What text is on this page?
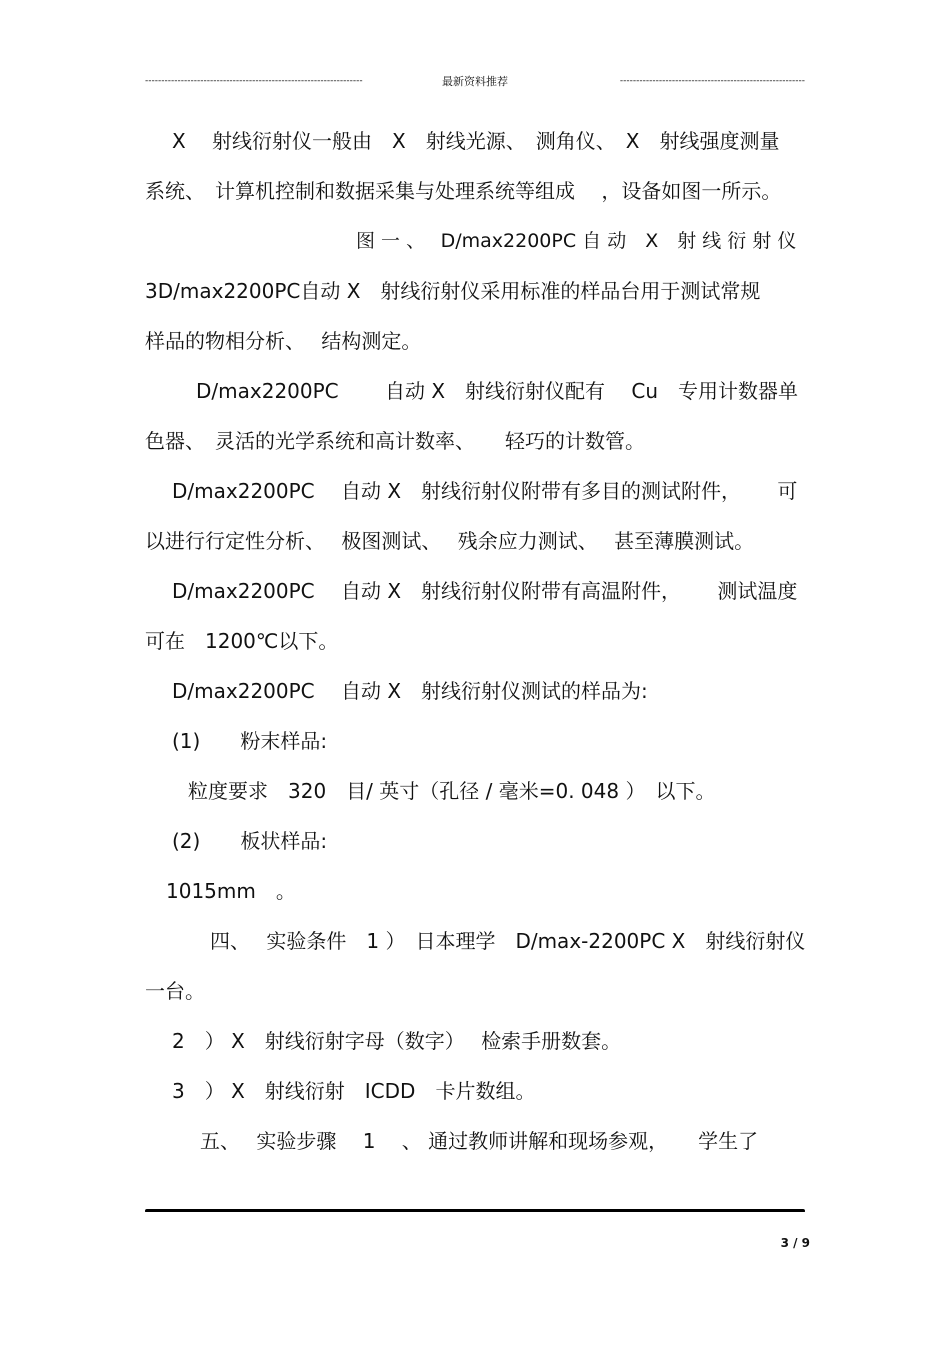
-------------------------------------------------------------------	最新资料推荐	---------------------------------------------------------
X　 射线衍射仪一般由　X　射线光源、　测角仪、　X　射线强度测量
系统、　计算机控制和数据采集与处理系统等组成　 ，设备如图一所示。
图 一 、　 D/max2200PC 自 动　X　射 线 衍 射 仪
3D/max2200PC自动 X　射线衍射仪采用标准的样品台用于测试常规
样品的物相分析、　 结构测定。
D/max2200PC　　 自动 X　射线衍射仪配有　 Cu　专用计数器单
色器、　灵活的光学系统和高计数率、　　轻巧的计数管。
D/max2200PC　 自动 X　射线衍射仪附带有多目的测试附件，　　 可
以进行行定性分析、　 极图测试、　 残余应力测试、　 甚至薄膜测试。
D/max2200PC　 自动 X　射线衍射仪附带有高温附件，　　 测试温度
可在　1200℃以下。
D/max2200PC　 自动 X　射线衍射仪测试的样品为:
(1)　　粉末样品:
粒度要求　320　目/ 英寸（孔径 / 毫米=0. 048 ）　以下。
(2)　　板状样品:
1015mm　。
四、　 实验条件　1 ）　日本理学　D/max-2200PC X　射线衍射仪
一台。
2　） X　射线衍射字母（数字）　 检索手册数套。
3　） X　射线衍射　ICDD　卡片数组。
五、　 实验步骤　 1　 、 通过教师讲解和现场参观，　　学生了
3 / 9
